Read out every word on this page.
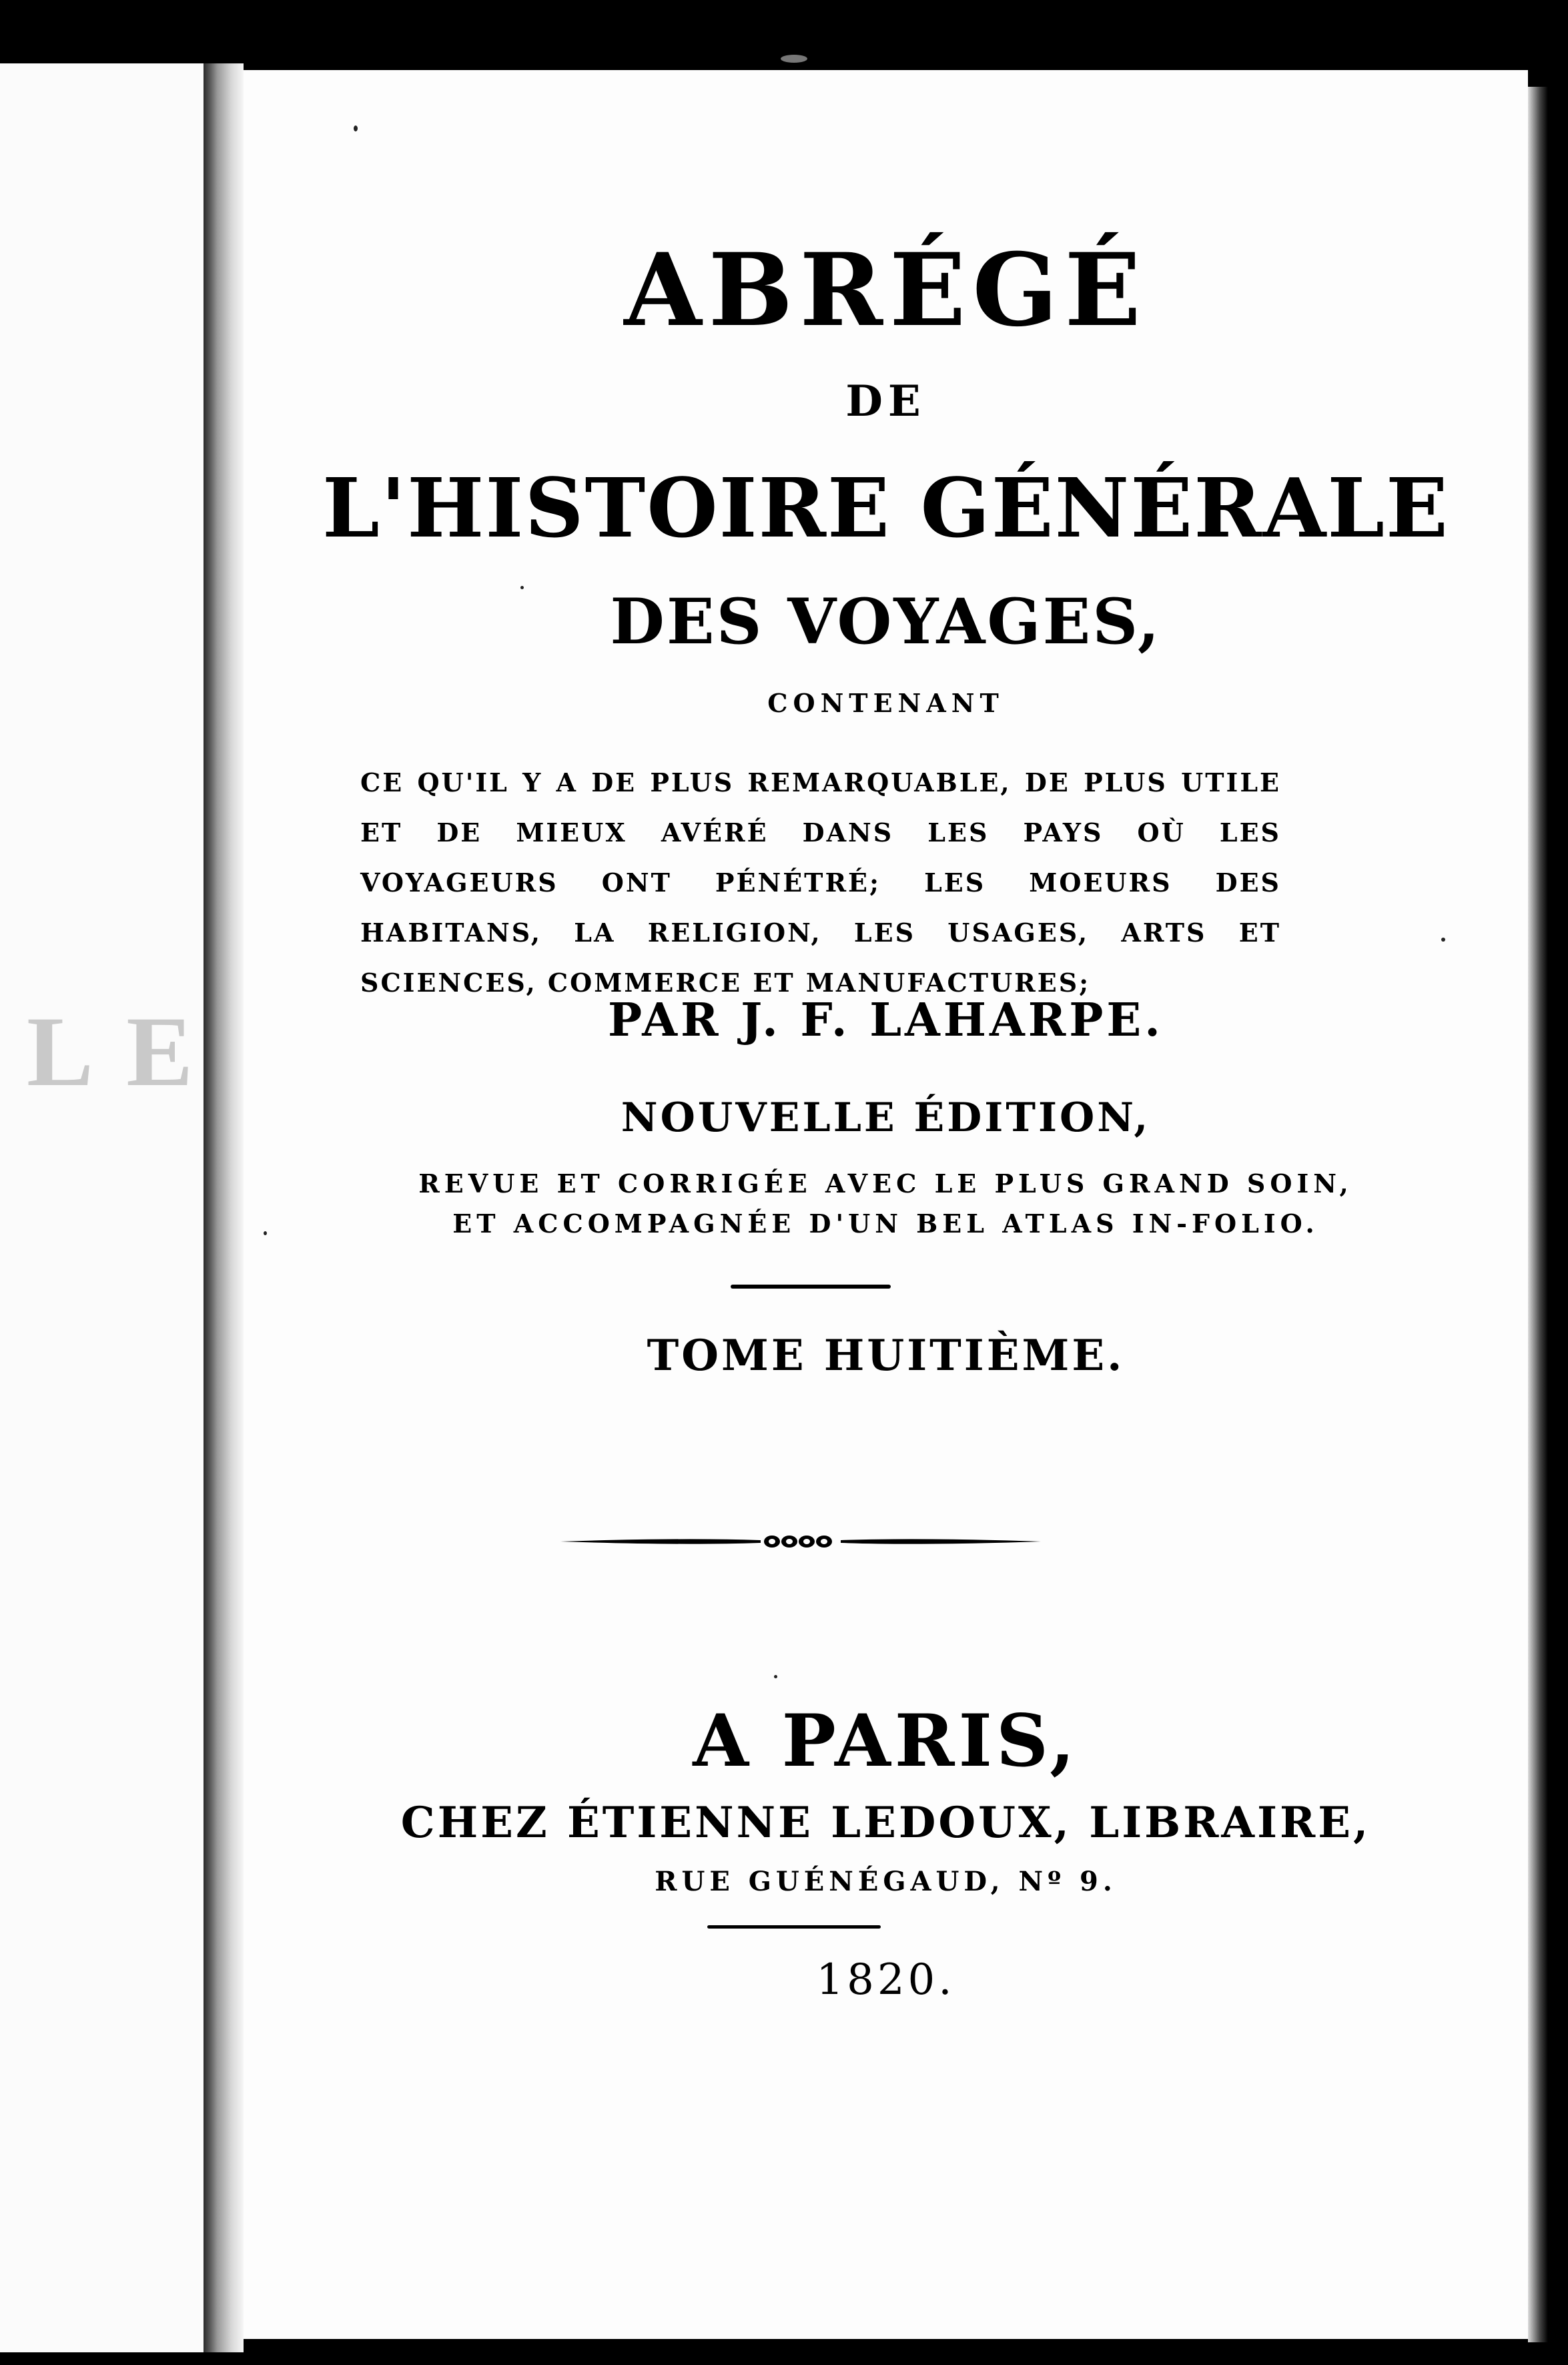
L E
ABRÉGÉ
DE
L'HISTOIRE GÉNÉRALE
DES VOYAGES,
CONTENANT
CE QU'IL Y A DE PLUS REMARQUABLE, DE PLUS UTILE ET DE MIEUX AVÉRÉ DANS LES PAYS OÙ LES VOYAGEURS ONT PÉNÉTRÉ; LES MOEURS DES HABITANS, LA RELIGION, LES USAGES, ARTS ET SCIENCES, COMMERCE ET MANUFACTURES;
PAR J. F. LAHARPE.
NOUVELLE ÉDITION,
REVUE ET CORRIGÉE AVEC LE PLUS GRAND SOIN,
ET ACCOMPAGNÉE D'UN BEL ATLAS IN-FOLIO.
TOME HUITIÈME.
A PARIS,
CHEZ ÉTIENNE LEDOUX, LIBRAIRE,
RUE GUÉNÉGAUD, Nº 9.
1820.
